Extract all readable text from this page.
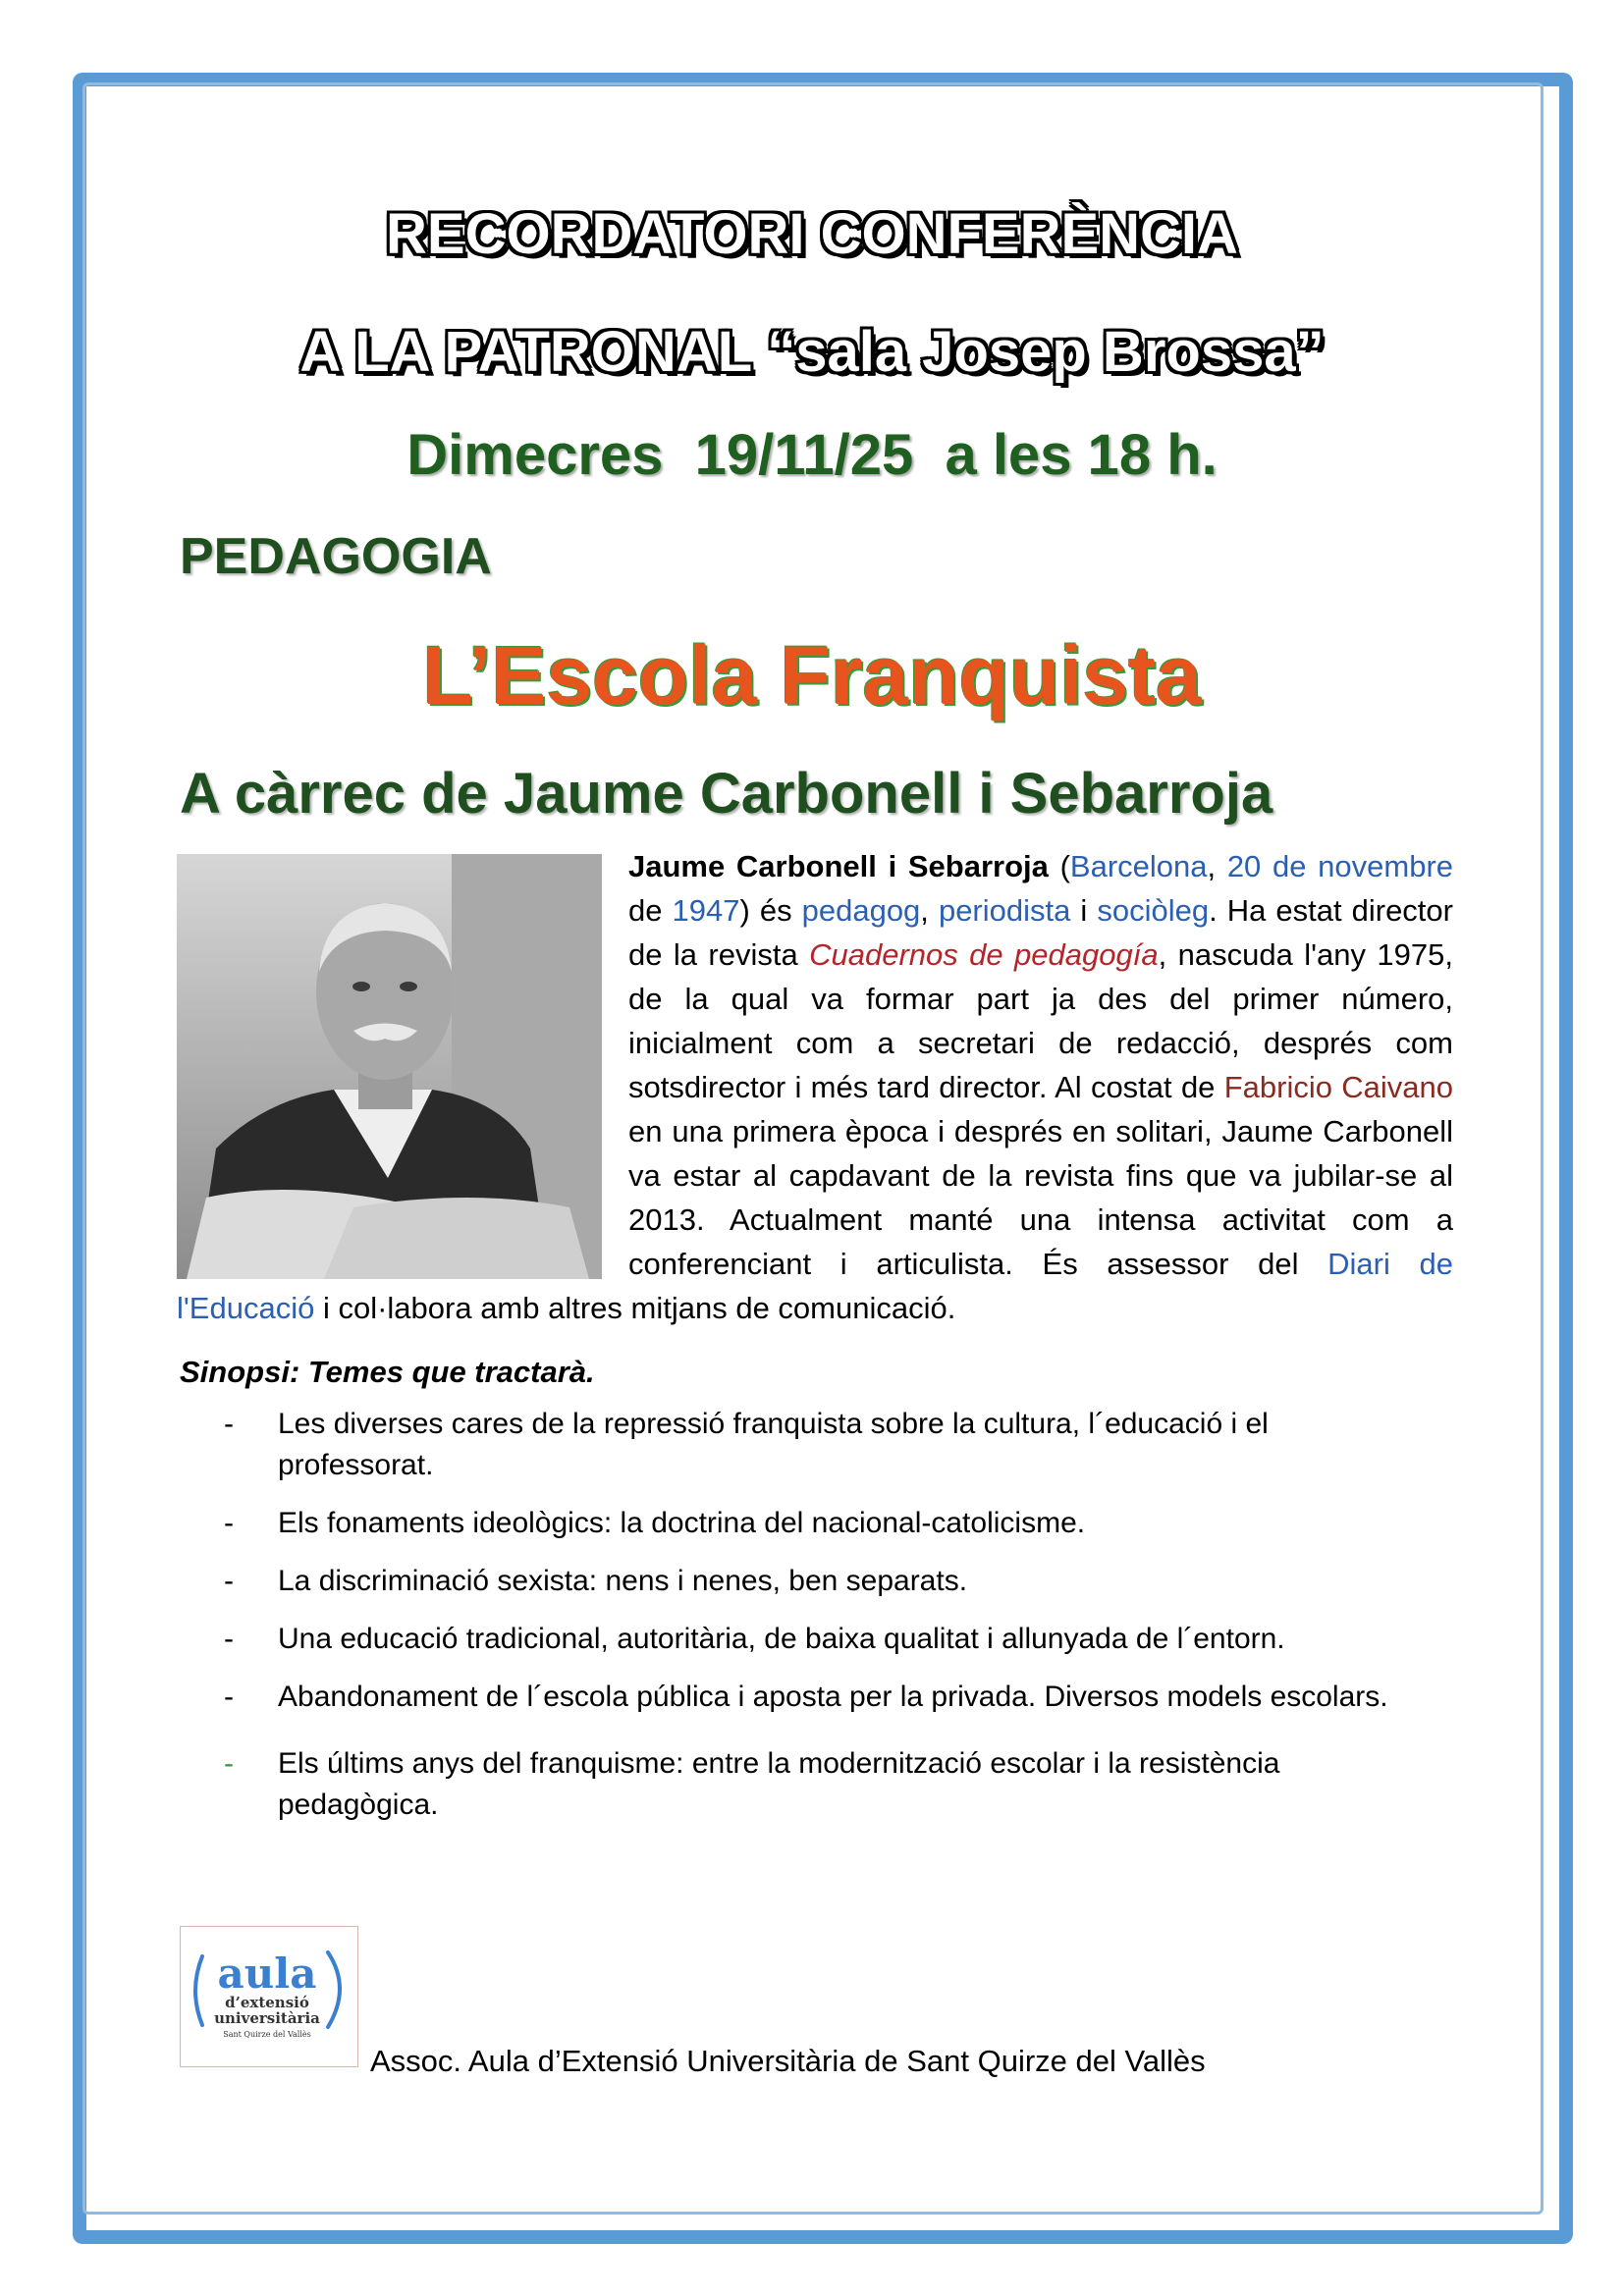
RECORDATORI CONFERÈNCIA
A LA PATRONAL “sala Josep Brossa”
Dimecres  19/11/25  a les 18 h.
PEDAGOGIA
L’Escola Franquista
A càrrec de Jaume Carbonell i Sebarroja
Jaume Carbonell i Sebarroja (Barcelona, 20 de novembre de 1947) és pedagog, periodista i sociòleg. Ha estat director de la revista Cuadernos de pedagogía, nascuda l'any 1975, de la qual va formar part ja des del primer número, inicialment com a secretari de redacció, després com sotsdirector i més tard director. Al costat de Fabricio Caivano en una primera època i després en solitari, Jaume Carbonell va estar al capdavant de la revista fins que va jubilar-se al 2013. Actualment manté una intensa activitat com a conferenciant i articulista. És assessor del Diari de l'Educació i col·labora amb altres mitjans de comunicació.
Sinopsi: Temes que tractarà.
- Les diverses cares de la repressió franquista sobre la cultura, l´educació i el professorat.
- Els fonaments ideològics: la doctrina del nacional-catolicisme.
- La discriminació sexista: nens i nenes, ben separats.
- Una educació tradicional, autoritària, de baixa qualitat i allunyada de l´entorn.
- Abandonament de l´escola pública i aposta per la privada. Diversos models escolars.
- Els últims anys del franquisme: entre la modernització escolar i la resistència pedagògica.
aula
d’extensió
universitària
Sant Quirze del Vallès
Assoc. Aula d’Extensió Universitària de Sant Quirze del Vallès
